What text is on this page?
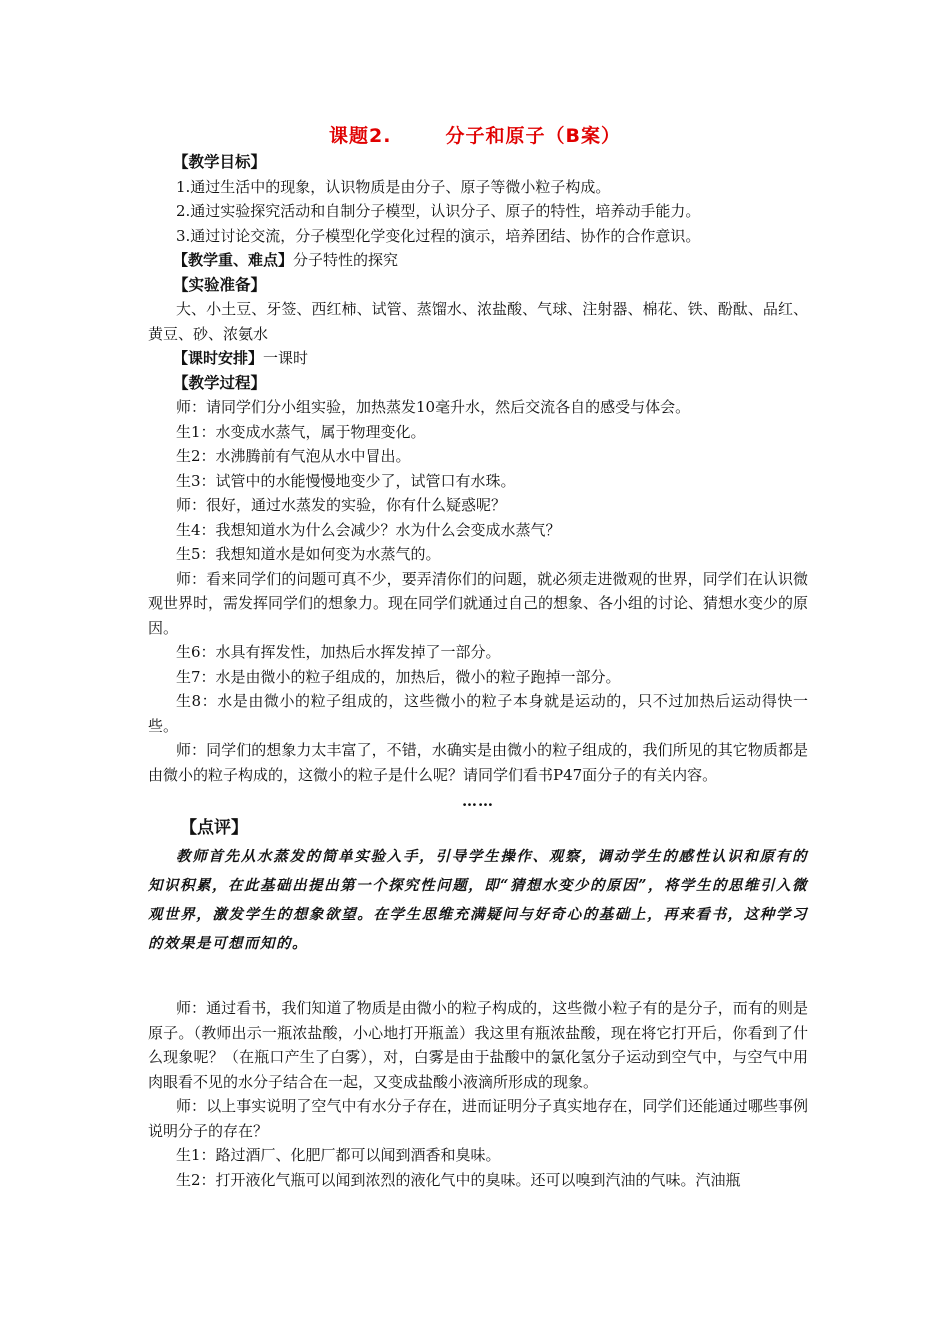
课题2.	分子和原子（B案）
【教学目标】

1.通过生活中的现象，认识物质是由分子、原子等微小粒子构成。

2.通过实验探究活动和自制分子模型，认识分子、原子的特性，培养动手能力。

3.通过讨论交流，分子模型化学变化过程的演示，培养团结、协作的合作意识。

【教学重、难点】分子特性的探究

【实验准备】

大、小土豆、牙签、西红柿、试管、蒸馏水、浓盐酸、气球、注射器、棉花、铁、酚酞、品红、黄豆、砂、浓氨水

【课时安排】一课时

【教学过程】

师：请同学们分小组实验，加热蒸发10毫升水，然后交流各自的感受与体会。

生1：水变成水蒸气，属于物理变化。

生2：水沸腾前有气泡从水中冒出。

生3：试管中的水能慢慢地变少了，试管口有水珠。

师：很好，通过水蒸发的实验，你有什么疑惑呢？

生4：我想知道水为什么会减少？水为什么会变成水蒸气？

生5：我想知道水是如何变为水蒸气的。

师：看来同学们的问题可真不少，要弄清你们的问题，就必须走进微观的世界，同学们在认识微观世界时，需发挥同学们的想象力。现在同学们就通过自己的想象、各小组的讨论、猜想水变少的原因。

生6：水具有挥发性，加热后水挥发掉了一部分。

生7：水是由微小的粒子组成的，加热后，微小的粒子跑掉一部分。

生8：水是由微小的粒子组成的，这些微小的粒子本身就是运动的，只不过加热后运动得快一些。

师：同学们的想象力太丰富了，不错，水确实是由微小的粒子组成的，我们所见的其它物质都是由微小的粒子构成的，这微小的粒子是什么呢？请同学们看书P47面分子的有关内容。

……
【点评】

教师首先从水蒸发的简单实验入手，引导学生操作、观察，调动学生的感性认识和原有的知识积累，在此基础出提出第一个探究性问题，即“猜想水变少的原因”，将学生的思维引入微观世界，激发学生的想象欲望。在学生思维充满疑问与好奇心的基础上，再来看书，这种学习的效果是可想而知的。

师：通过看书，我们知道了物质是由微小的粒子构成的，这些微小粒子有的是分子，而有的则是原子。（教师出示一瓶浓盐酸，小心地打开瓶盖）我这里有瓶浓盐酸，现在将它打开后，你看到了什么现象呢？（在瓶口产生了白雾），对，白雾是由于盐酸中的氯化氢分子运动到空气中，与空气中用肉眼看不见的水分子结合在一起，又变成盐酸小液滴所形成的现象。

师：以上事实说明了空气中有水分子存在，进而证明分子真实地存在，同学们还能通过哪些事例说明分子的存在？

生1：路过酒厂、化肥厂都可以闻到酒香和臭味。

生2：打开液化气瓶可以闻到浓烈的液化气中的臭味。还可以嗅到汽油的气味。汽油瓶
